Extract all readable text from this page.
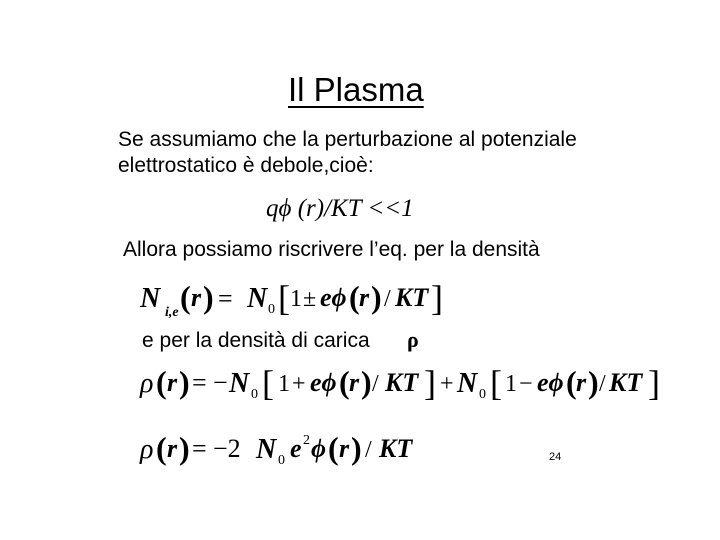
Il Plasma
Se assumiamo che la perturbazione al potenziale
elettrostatico è debole,cioè:
qϕ (r)/KT <<1
Allora possiamo riscrivere l’eq. per la densità
N i,e ( r ) = N 0 [ 1 ± eϕ ( r ) / KT ]
e per la densità di carica ρ
ρ ( r ) = − N 0 [ 1 + eϕ ( r ) / KT ] + N 0 [ 1 − eϕ ( r ) / KT ]
ρ ( r ) = −2 N 0 e 2 ϕ ( r ) / KT	24
